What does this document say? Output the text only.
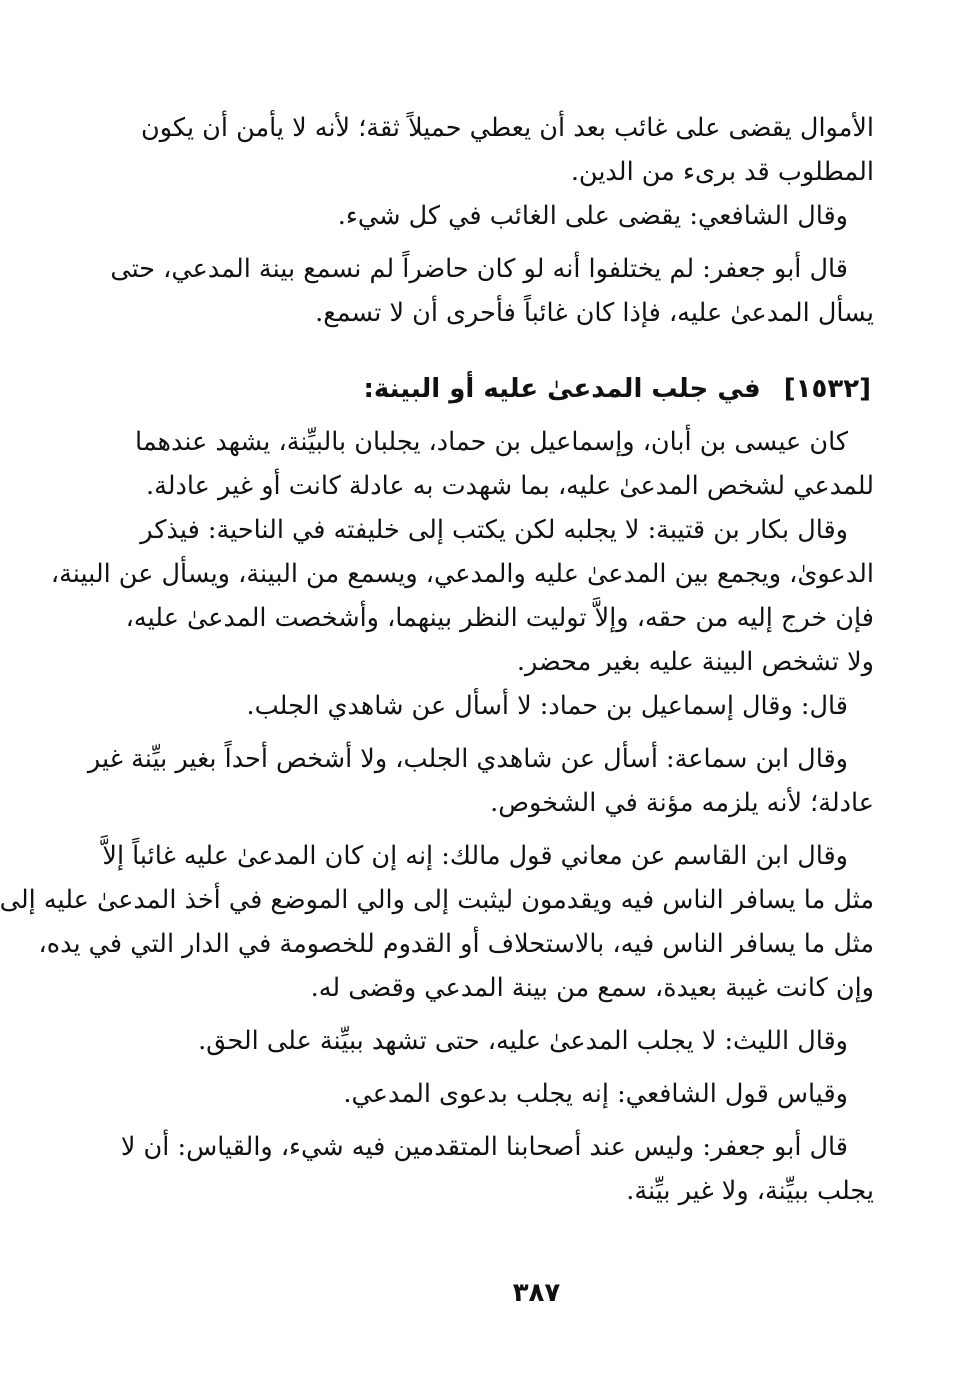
الأموال يقضى على غائب بعد أن يعطي حميلاً ثقة؛ لأنه لا يأمن أن يكون
المطلوب قد برىء من الدين.
وقال الشافعي: يقضى على الغائب في كل شيء.
قال أبو جعفر: لم يختلفوا أنه لو كان حاضراً لم نسمع بينة المدعي، حتى
يسأل المدعىٰ عليه، فإذا كان غائباً فأحرى أن لا تسمع.
[١٥٣٢] في جلب المدعىٰ عليه أو البينة:
كان عيسى بن أبان، وإسماعيل بن حماد، يجلبان بالبيِّنة، يشهد عندهما
للمدعي لشخص المدعىٰ عليه، بما شهدت به عادلة كانت أو غير عادلة.
وقال بكار بن قتيبة: لا يجلبه لكن يكتب إلى خليفته في الناحية: فيذكر
الدعوىٰ، ويجمع بين المدعىٰ عليه والمدعي، ويسمع من البينة، ويسأل عن البينة،
فإن خرج إليه من حقه، وإلاَّ توليت النظر بينهما، وأشخصت المدعىٰ عليه،
ولا تشخص البينة عليه بغير محضر.
قال: وقال إسماعيل بن حماد: لا أسأل عن شاهدي الجلب.
وقال ابن سماعة: أسأل عن شاهدي الجلب، ولا أشخص أحداً بغير بيِّنة غير
عادلة؛ لأنه يلزمه مؤنة في الشخوص.
وقال ابن القاسم عن معاني قول مالك: إنه إن كان المدعىٰ عليه غائباً إلاَّ
مثل ما يسافر الناس فيه ويقدمون ليثبت إلى والي الموضع في أخذ المدعىٰ عليه إلى
مثل ما يسافر الناس فيه، بالاستحلاف أو القدوم للخصومة في الدار التي في يده،
وإن كانت غيبة بعيدة، سمع من بينة المدعي وقضى له.
وقال الليث: لا يجلب المدعىٰ عليه، حتى تشهد ببيِّنة على الحق.
وقياس قول الشافعي: إنه يجلب بدعوى المدعي.
قال أبو جعفر: وليس عند أصحابنا المتقدمين فيه شيء، والقياس: أن لا
يجلب ببيِّنة، ولا غير بيِّنة.
٣٨٧
